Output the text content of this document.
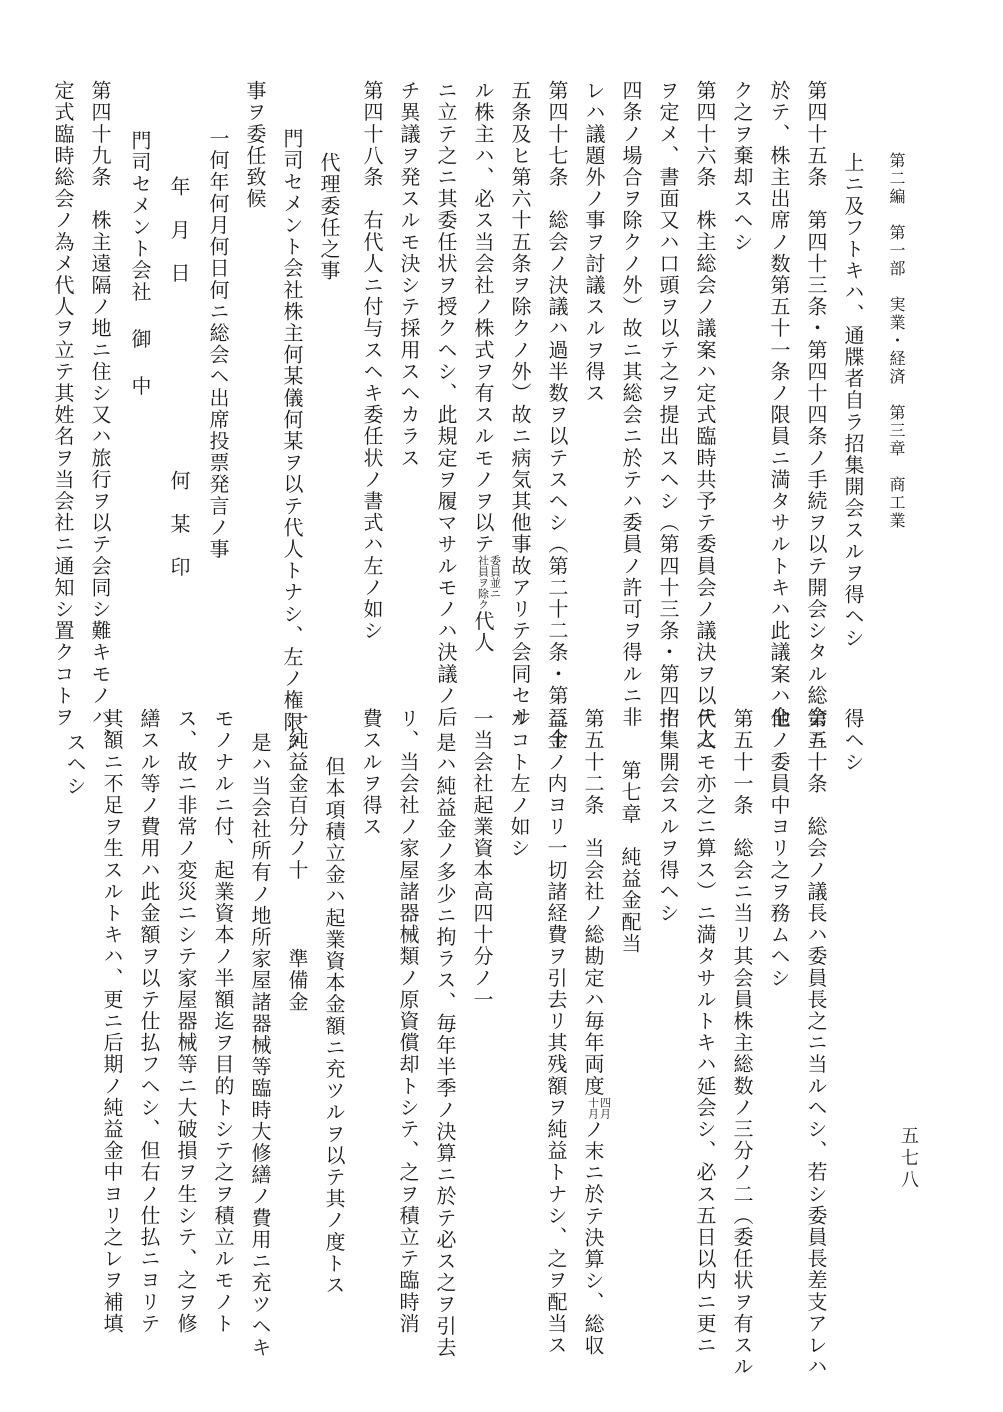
第二編　第一部　実業・経済　第三章　商工業
五七八
上ニ及フトキハ、通牒者自ラ招集開会スルヲ得ヘシ
第四十五条　第四十三条・第四十四条ノ手続ヲ以テ開会シタル総会ニ
於テ、株主出席ノ数第五十一条ノ限員ニ満タサルトキハ此議案ハ全
ク之ヲ棄却スヘシ
第四十六条　株主総会ノ議案ハ定式臨時共予テ委員会ノ議決ヲ以テ之
ヲ定メ、書面又ハ口頭ヲ以テ之ヲ提出スヘシ（第四十三条・第四十
四条ノ場合ヲ除クノ外）故ニ其総会ニ於テハ委員ノ許可ヲ得ルニ非
レハ議題外ノ事ヲ討議スルヲ得ス
第四十七条　総会ノ決議ハ過半数ヲ以テスヘシ（第二十二条・第三十
五条及ヒ第六十五条ヲ除クノ外）故ニ病気其他事故アリテ会同セサ
ル株主ハ、必ス当会社ノ株式ヲ有スルモノヲ以テ社員ヲ除ク委員並ニ代人
ニ立テ之ニ其委任状ヲ授クヘシ、此規定ヲ履マサルモノハ決議ノ后
チ異議ヲ発スルモ決シテ採用スヘカラス
第四十八条　右代人ニ付与スヘキ委任状ノ書式ハ左ノ如シ
代理委任之事
門司セメント会社株主何某儀何某ヲ以テ代人トナシ、左ノ権限ノ
事ヲ委任致候
一何年何月何日何ニ総会ヘ出席投票発言ノ事
年　月　日
何　某　印
門司セメント会社 御 中
第四十九条　株主遠隔ノ地ニ住シ又ハ旅行ヲ以テ会同シ難キモノハ、
定式臨時総会ノ為メ代人ヲ立テ其姓名ヲ当会社ニ通知シ置クコトヲ
得ヘシ
第五十条　総会ノ議長ハ委員長之ニ当ルヘシ、若シ委員長差支アレハ
他ノ委員中ヨリ之ヲ務ムヘシ
第五十一条　総会ニ当リ其会員株主総数ノ三分ノ二（委任状ヲ有スル
代人モ亦之ニ算ス）ニ満タサルトキハ延会シ、必ス五日以内ニ更ニ
招集開会スルヲ得ヘシ
第七章　純益金配当
第五十二条　当会社ノ総勘定ハ毎年両度十月四月ノ末ニ於テ決算シ、総収
益金ノ内ヨリ一切諸経費ヲ引去リ其残額ヲ純益トナシ、之ヲ配当ス
ルコト左ノ如シ
一当会社起業資本高四十分ノ一
是ハ純益金ノ多少ニ拘ラス、毎年半季ノ決算ニ於テ必ス之ヲ引去
リ、当会社ノ家屋諸器械類ノ原資償却トシテ、之ヲ積立テ臨時消
費スルヲ得ス
但本項積立金ハ起業資本金額ニ充ツルヲ以テ其ノ度トス
一純益金百分ノ十
準備金
是ハ当会社所有ノ地所家屋諸器械等臨時大修繕ノ費用ニ充ツヘキ
モノナルニ付、起業資本ノ半額迄ヲ目的トシテ之ヲ積立ルモノト
ス、故ニ非常ノ変災ニシテ家屋器械等ニ大破損ヲ生シテ、之ヲ修
繕スル等ノ費用ハ此金額ヲ以テ仕払フヘシ、但右ノ仕払ニヨリテ
其額ニ不足ヲ生スルトキハ、更ニ后期ノ純益金中ヨリ之レヲ補填
スヘシ
